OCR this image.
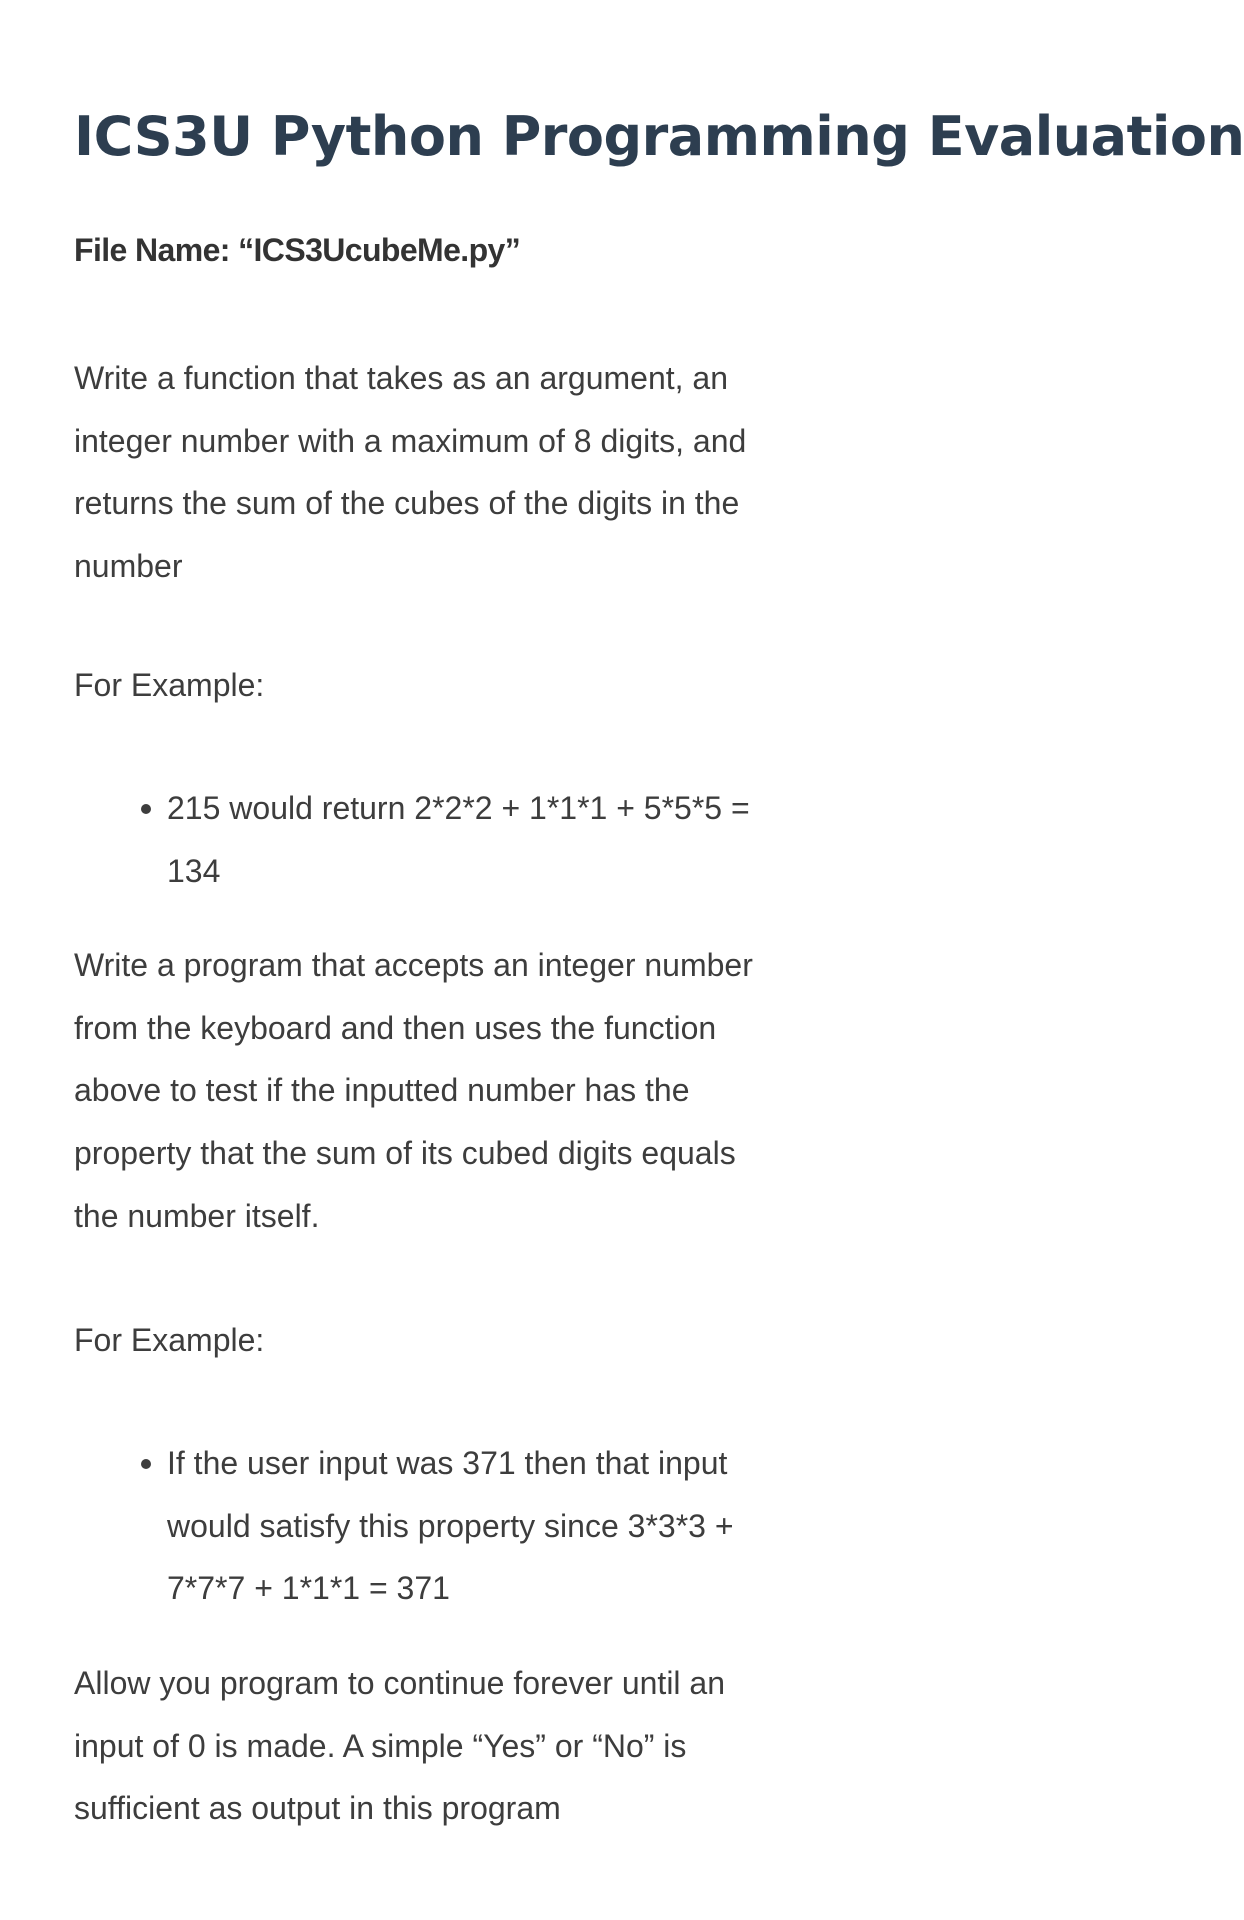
ICS3U Python Programming Evaluation

File Name: “ICS3UcubeMe.py”

Write a function that takes as an argument, an integer number with a maximum of 8 digits, and returns the sum of the cubes of the digits in the number

For Example:

215 would return 2*2*2 + 1*1*1 + 5*5*5 = 134

Write a program that accepts an integer number from the keyboard and then uses the function above to test if the inputted number has the property that the sum of its cubed digits equals the number itself.

For Example:

If the user input was 371 then that input would satisfy this property since 3*3*3 + 7*7*7 + 1*1*1 = 371

Allow you program to continue forever until an input of 0 is made. A simple “Yes” or “No” is sufficient as output in this program
